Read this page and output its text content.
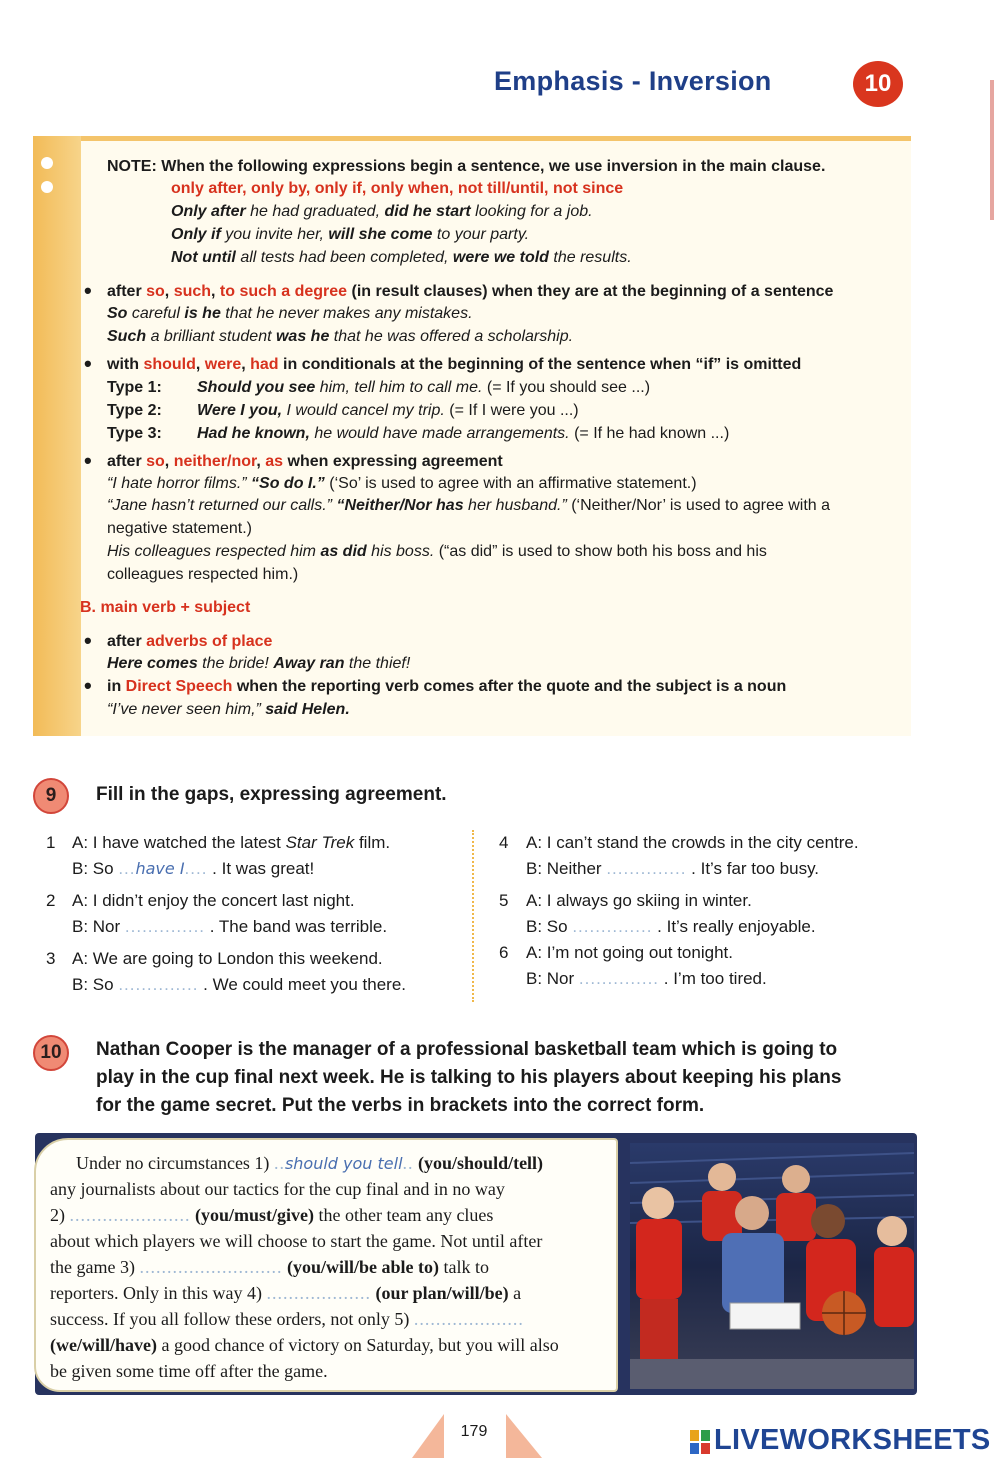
Emphasis - Inversion	10
NOTE: When the following expressions begin a sentence, we use inversion in the main clause.
only after, only by, only if, only when, not till/until, not since
Only after he had graduated, did he start looking for a job.
Only if you invite her, will she come to your party.
Not until all tests had been completed, were we told the results.
• after so, such, to such a degree (in result clauses) when they are at the beginning of a sentence
So careful is he that he never makes any mistakes.
Such a brilliant student was he that he was offered a scholarship.
• with should, were, had in conditionals at the beginning of the sentence when “if” is omitted
Type 1: Should you see him, tell him to call me. (= If you should see ...)
Type 2: Were I you, I would cancel my trip. (= If I were you ...)
Type 3: Had he known, he would have made arrangements. (= If he had known ...)
• after so, neither/nor, as when expressing agreement
“I hate horror films.” “So do I.” (‘So’ is used to agree with an affirmative statement.)
“Jane hasn’t returned our calls.” “Neither/Nor has her husband.” (‘Neither/Nor’ is used to agree with a
negative statement.)
His colleagues respected him as did his boss. (“as did” is used to show both his boss and his
colleagues respected him.)
B. main verb + subject
• after adverbs of place
Here comes the bride! Away ran the thief!
• in Direct Speech when the reporting verb comes after the quote and the subject is a noun
“I’ve never seen him,” said Helen.
9	Fill in the gaps, expressing agreement.
1 A: I have watched the latest Star Trek film.
B: So ...have I.... . It was great!
2 A: I didn’t enjoy the concert last night.
B: Nor .............. . The band was terrible.
3 A: We are going to London this weekend.
B: So .............. . We could meet you there.
4 A: I can’t stand the crowds in the city centre.
B: Neither .............. . It’s far too busy.
5 A: I always go skiing in winter.
B: So .............. . It’s really enjoyable.
6 A: I’m not going out tonight.
B: Nor .............. . I’m too tired.
10	Nathan Cooper is the manager of a professional basketball team which is going to
play in the cup final next week. He is talking to his players about keeping his plans
for the game secret. Put the verbs in brackets into the correct form.
Under no circumstances 1) ..should you tell.. (you/should/tell)
any journalists about our tactics for the cup final and in no way
2) ...................... (you/must/give) the other team any clues
about which players we will choose to start the game. Not until after
the game 3) .......................... (you/will/be able to) talk to
reporters. Only in this way 4) ................... (our plan/will/be) a
success. If you all follow these orders, not only 5) ....................
(we/will/have) a good chance of victory on Saturday, but you will also
be given some time off after the game.
179	LIVEWORKSHEETS
